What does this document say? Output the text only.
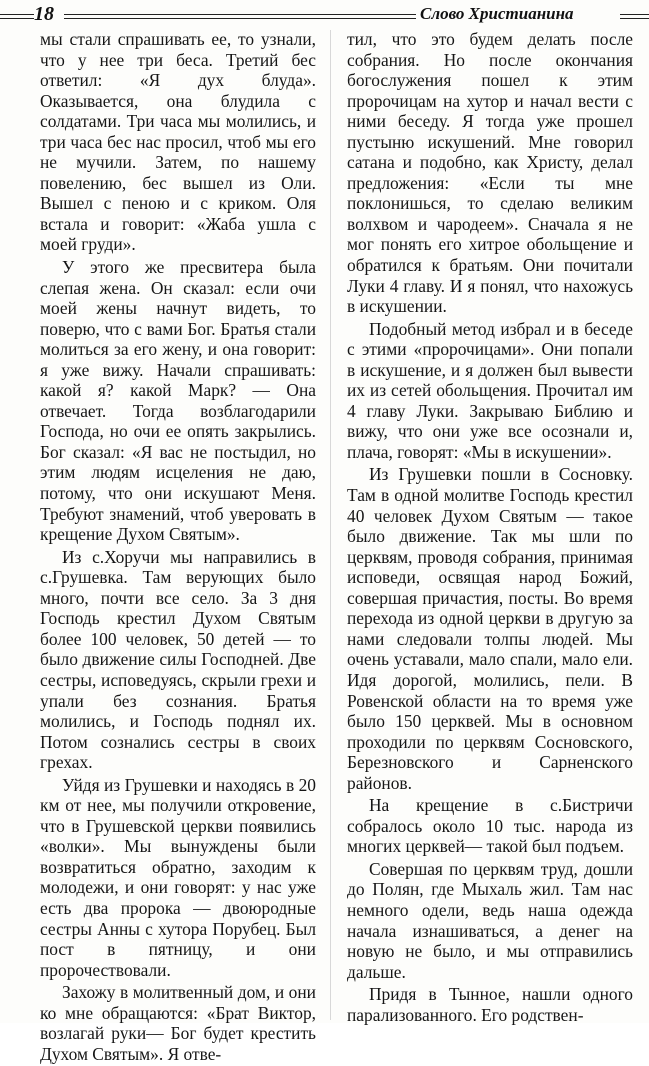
18	Слово Христианина

мы стали спрашивать ее, то узнали, что у нее три беса. Третий бес ответил: «Я дух блуда». Оказывается, она блудила с солдатами. Три часа мы молились, и три часа бес нас просил, чтоб мы его не мучили. Затем, по нашему повелению, бес вышел из Оли. Вышел с пеною и с криком. Оля встала и говорит: «Жаба ушла с моей груди».

У этого же пресвитера была слепая жена. Он сказал: если очи моей жены начнут видеть, то поверю, что с вами Бог. Братья стали молиться за его жену, и она говорит: я уже вижу. Начали спрашивать: какой я? какой Марк? — Она отвечает. Тогда возблагодарили Господа, но очи ее опять закрылись. Бог сказал: «Я вас не постыдил, но этим людям исцеления не даю, потому, что они искушают Меня. Требуют знамений, чтоб уверовать в крещение Духом Святым».

Из с.Хоручи мы направились в с.Грушевка. Там верующих было много, почти все село. За 3 дня Господь крестил Духом Святым более 100 человек, 50 детей — то было движение силы Господней. Две сестры, исповедуясь, скрыли грехи и упали без сознания. Братья молились, и Господь поднял их. Потом сознались сестры в своих грехах.

Уйдя из Грушевки и находясь в 20 км от нее, мы получили откровение, что в Грушевской церкви появились «волки». Мы вынуждены были возвратиться обратно, заходим к молодежи, и они говорят: у нас уже есть два пророка — двоюродные сестры Анны с хутора Порубец. Был пост в пятницу, и они пророчествовали.

Захожу в молитвенный дом, и они ко мне обращаются: «Брат Виктор, возлагай руки— Бог будет крестить Духом Святым». Я отве-

тил, что это будем делать после собрания. Но после окончания богослужения пошел к этим пророчицам на хутор и начал вести с ними беседу. Я тогда уже прошел пустыню искушений. Мне говорил сатана и подобно, как Христу, делал предложения: «Если ты мне поклонишься, то сделаю великим волхвом и чародеем». Сначала я не мог понять его хитрое обольщение и обратился к братьям. Они почитали Луки 4 главу. И я понял, что нахожусь в искушении.

Подобный метод избрал и в беседе с этими «пророчицами». Они попали в искушение, и я должен был вывести их из сетей обольщения. Прочитал им 4 главу Луки. Закрываю Библию и вижу, что они уже все осознали и, плача, говорят: «Мы в искушении».

Из Грушевки пошли в Сосновку. Там в одной молитве Господь крестил 40 человек Духом Святым — такое было движение. Так мы шли по церквям, проводя собрания, принимая исповеди, освящая народ Божий, совершая причастия, посты. Во время перехода из одной церкви в другую за нами следовали толпы людей. Мы очень уставали, мало спали, мало ели. Идя дорогой, молились, пели. В Ровенской области на то время уже было 150 церквей. Мы в основном проходили по церквям Сосновского, Березновского и Сарненского районов.

На крещение в с.Бистричи собралось около 10 тыс. народа из многих церквей— такой был подъем.

Совершая по церквям труд, дошли до Полян, где Мыхаль жил. Там нас немного одели, ведь наша одежда начала изнашиваться, а денег на новую не было, и мы отправились дальше.

Придя в Тынное, нашли одного парализованного. Его родствен-
